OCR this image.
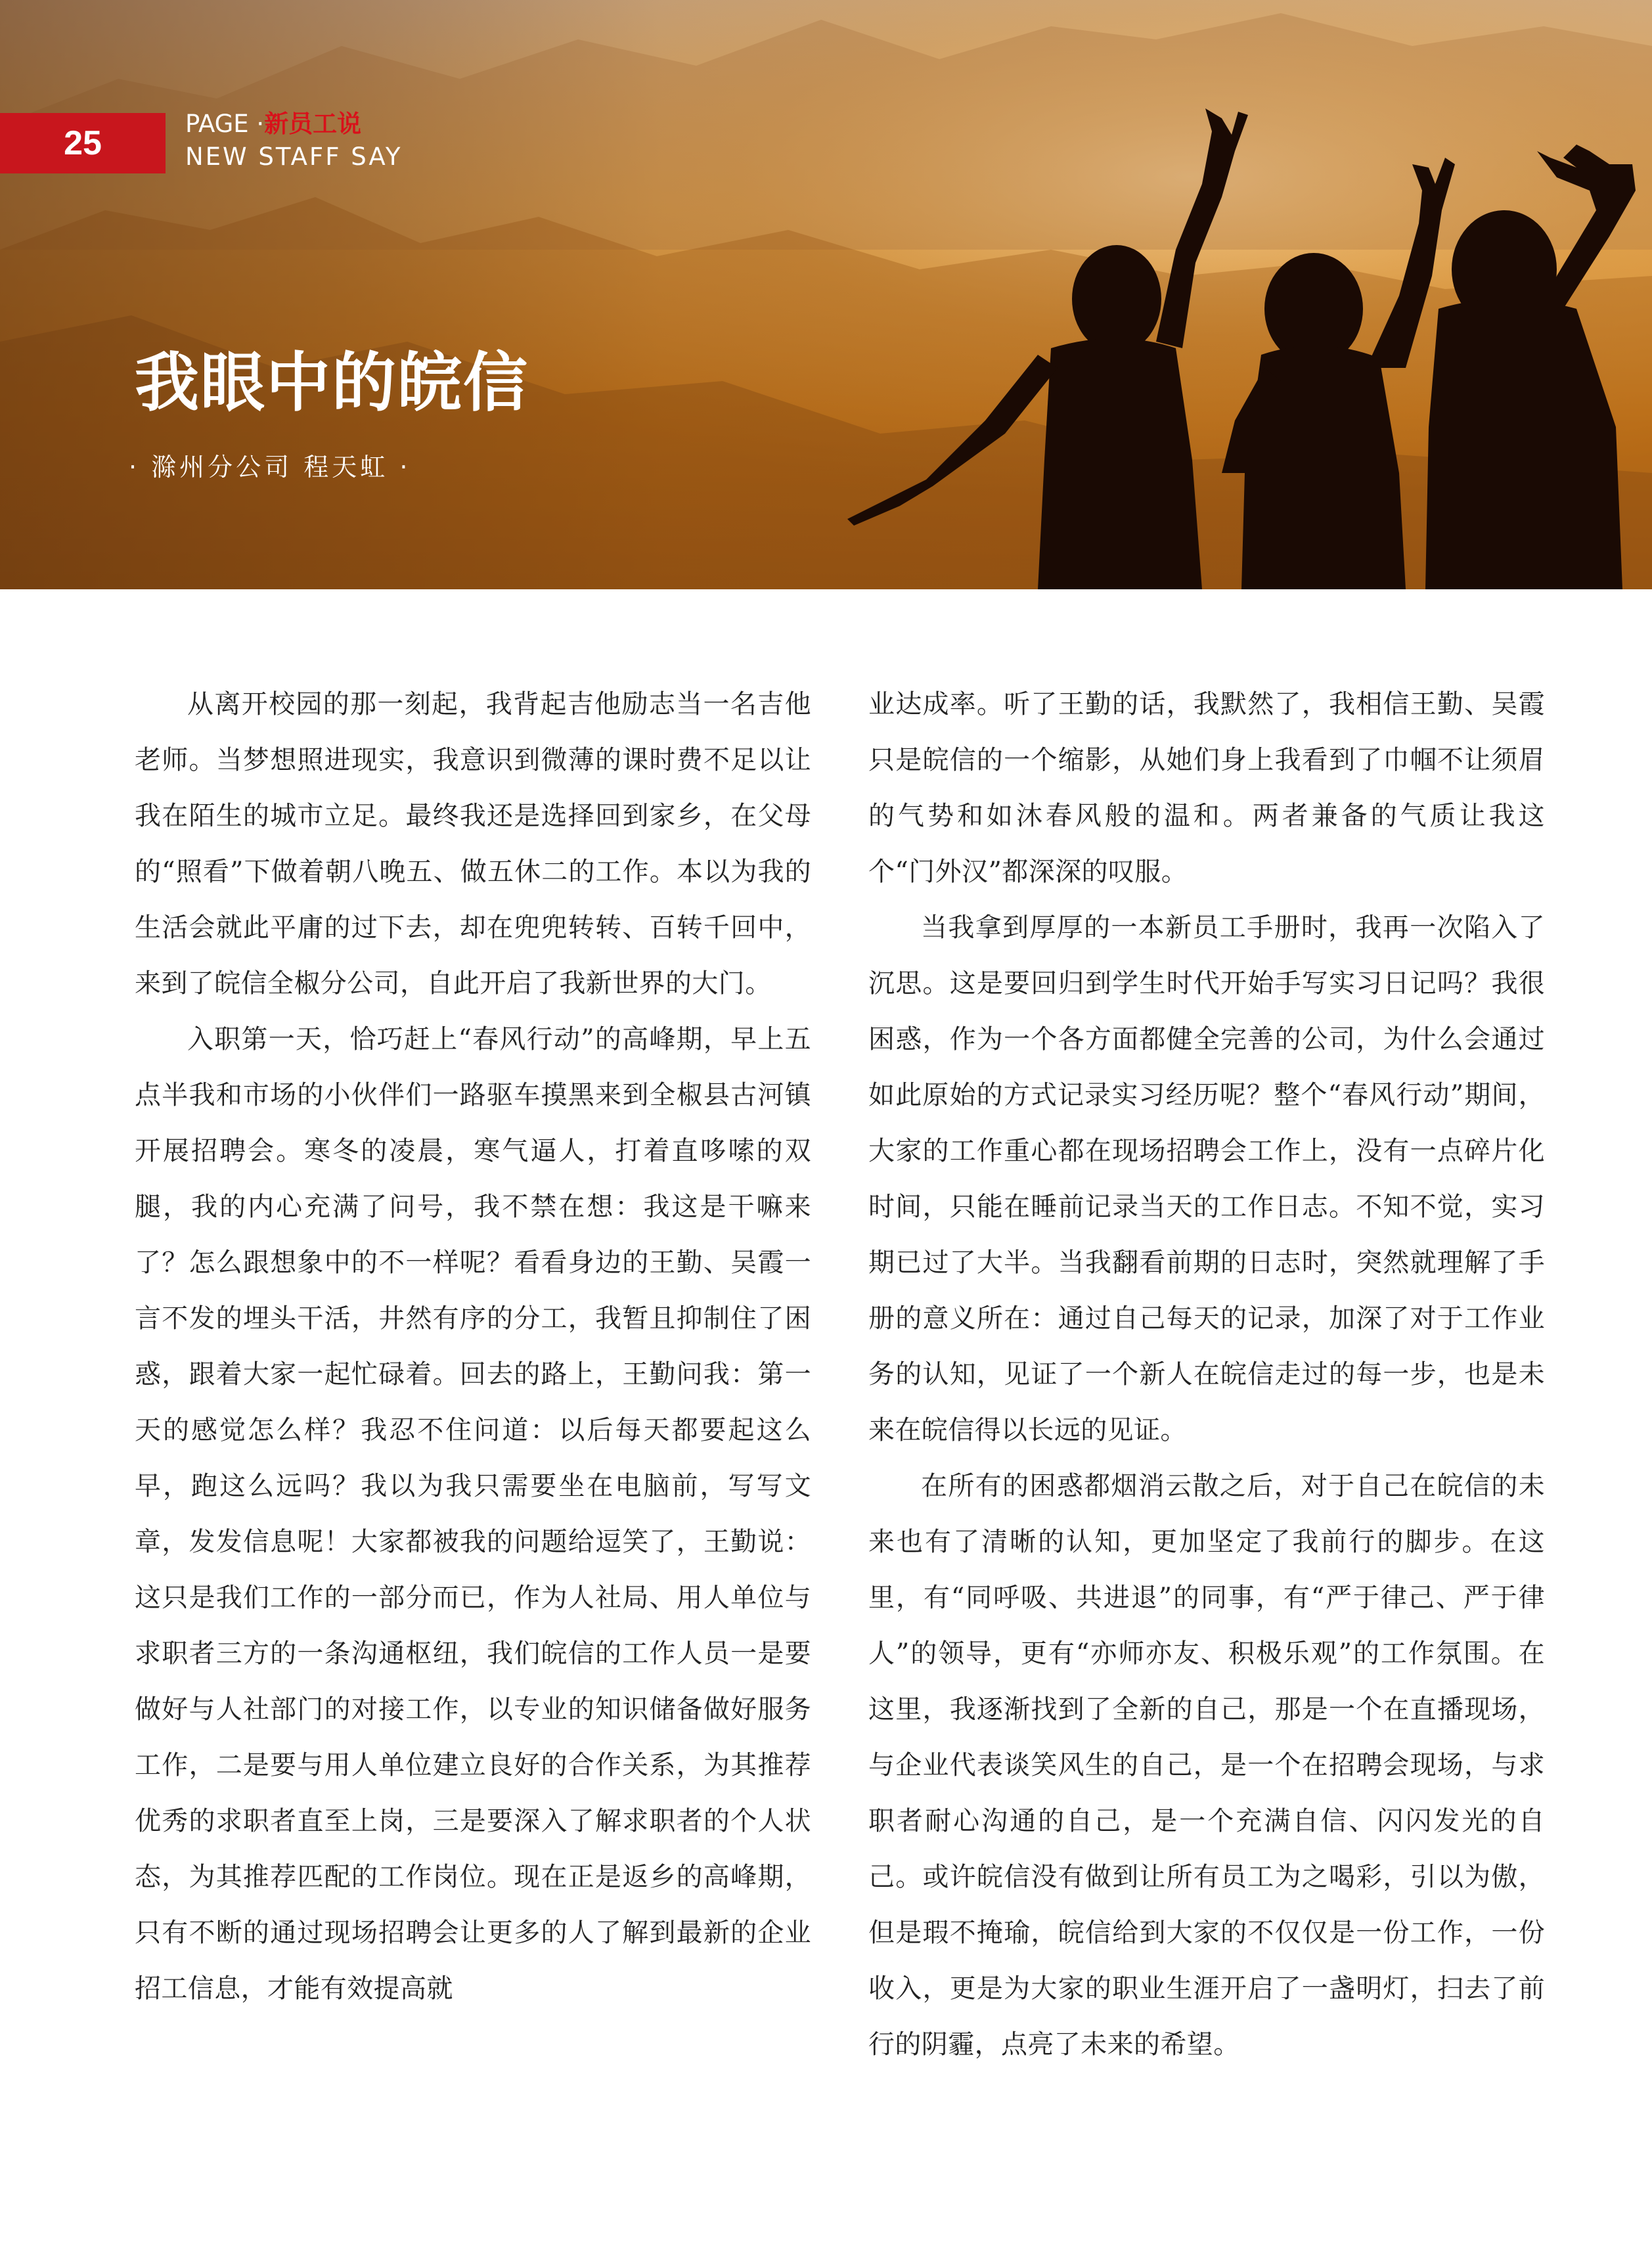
25
PAGE ·新员工说
NEW STAFF SAY
我眼中的皖信
· 滁州分公司 程天虹 ·

从离开校园的那一刻起，我背起吉他励志当一名吉他老师。当梦想照进现实，我意识到微薄的课时费不足以让我在陌生的城市立足。最终我还是选择回到家乡，在父母的“照看”下做着朝八晚五、做五休二的工作。本以为我的生活会就此平庸的过下去，却在兜兜转转、百转千回中，来到了皖信全椒分公司，自此开启了我新世界的大门。

入职第一天，恰巧赶上“春风行动”的高峰期，早上五点半我和市场的小伙伴们一路驱车摸黑来到全椒县古河镇开展招聘会。寒冬的凌晨，寒气逼人，打着直哆嗦的双腿，我的内心充满了问号，我不禁在想：我这是干嘛来了？怎么跟想象中的不一样呢？看看身边的王勤、吴霞一言不发的埋头干活，井然有序的分工，我暂且抑制住了困惑，跟着大家一起忙碌着。回去的路上，王勤问我：第一天的感觉怎么样？我忍不住问道：以后每天都要起这么早，跑这么远吗？我以为我只需要坐在电脑前，写写文章，发发信息呢！大家都被我的问题给逗笑了，王勤说：这只是我们工作的一部分而已，作为人社局、用人单位与求职者三方的一条沟通枢纽，我们皖信的工作人员一是要做好与人社部门的对接工作，以专业的知识储备做好服务工作，二是要与用人单位建立良好的合作关系，为其推荐优秀的求职者直至上岗，三是要深入了解求职者的个人状态，为其推荐匹配的工作岗位。现在正是返乡的高峰期，只有不断的通过现场招聘会让更多的人了解到最新的企业招工信息，才能有效提高就

业达成率。听了王勤的话，我默然了，我相信王勤、吴霞只是皖信的一个缩影，从她们身上我看到了巾帼不让须眉的气势和如沐春风般的温和。两者兼备的气质让我这个“门外汉”都深深的叹服。

当我拿到厚厚的一本新员工手册时，我再一次陷入了沉思。这是要回归到学生时代开始手写实习日记吗？我很困惑，作为一个各方面都健全完善的公司，为什么会通过如此原始的方式记录实习经历呢？整个“春风行动”期间，大家的工作重心都在现场招聘会工作上，没有一点碎片化时间，只能在睡前记录当天的工作日志。不知不觉，实习期已过了大半。当我翻看前期的日志时，突然就理解了手册的意义所在：通过自己每天的记录，加深了对于工作业务的认知，见证了一个新人在皖信走过的每一步，也是未来在皖信得以长远的见证。

在所有的困惑都烟消云散之后，对于自己在皖信的未来也有了清晰的认知，更加坚定了我前行的脚步。在这里，有“同呼吸、共进退”的同事，有“严于律己、严于律人”的领导，更有“亦师亦友、积极乐观”的工作氛围。在这里，我逐渐找到了全新的自己，那是一个在直播现场，与企业代表谈笑风生的自己，是一个在招聘会现场，与求职者耐心沟通的自己，是一个充满自信、闪闪发光的自己。或许皖信没有做到让所有员工为之喝彩，引以为傲，但是瑕不掩瑜，皖信给到大家的不仅仅是一份工作，一份收入，更是为大家的职业生涯开启了一盏明灯，扫去了前行的阴霾，点亮了未来的希望。
